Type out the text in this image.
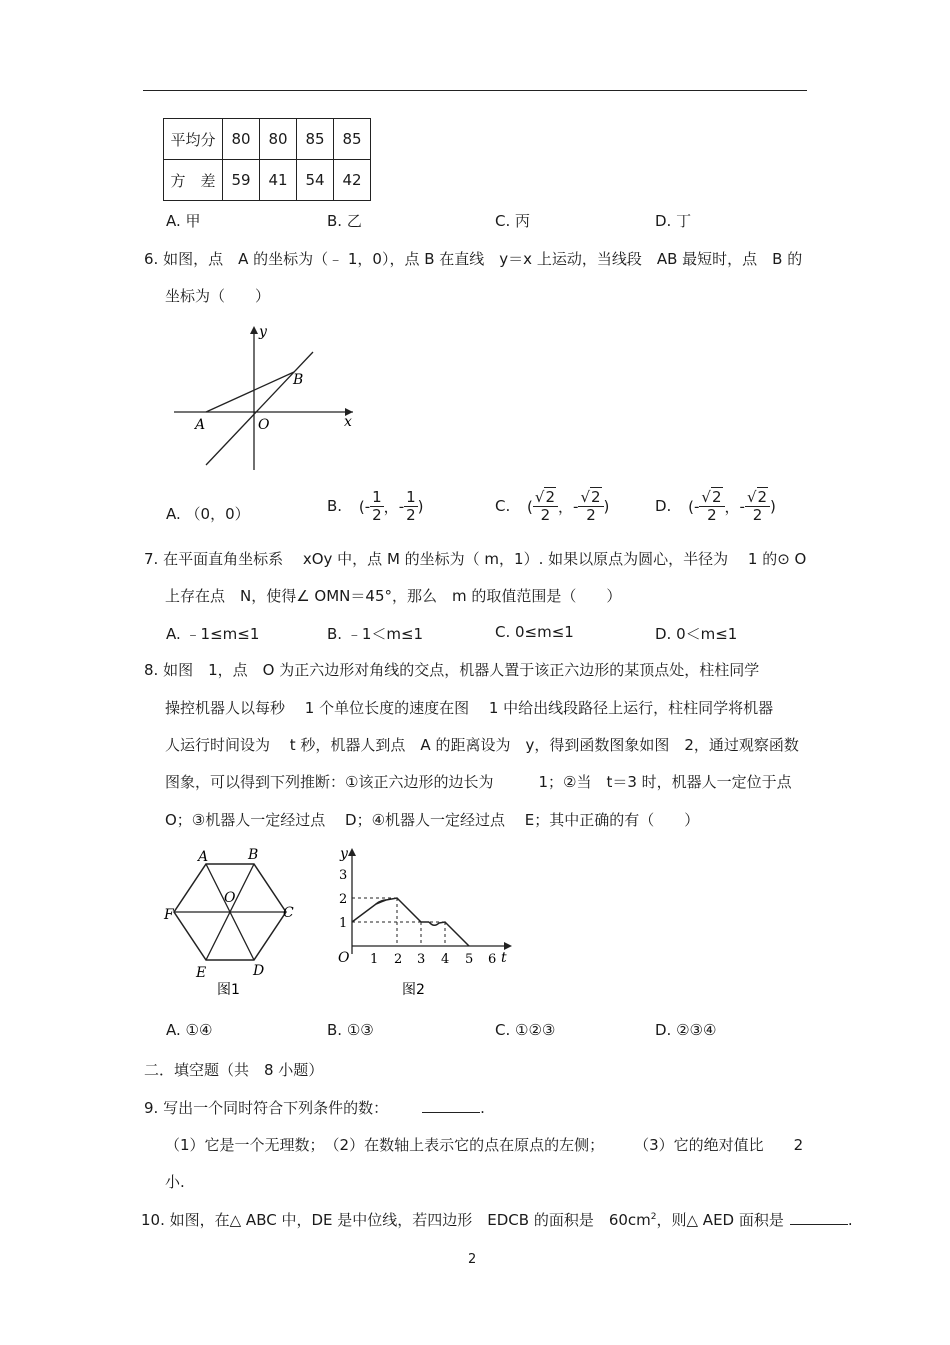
平均分	80	80	85	85
方　差	59	41	54	42
A. 甲	B. 乙	C. 丙	D. 丁
6. 如图，点　A 的坐标为（﹣ 1，0），点 B 在直线　y＝x 上运动，当线段　AB 最短时，点　B 的
坐标为（　　）
y
x
A
B
O
A. （0，0）	B. (- $\frac{1}{2}$ ，- $\frac{1}{2}$ )	C. ( $\frac{√2}{2}$ ，- $\frac{√2}{2}$ )	D. (- $\frac{√2}{2}$ ，- $\frac{√2}{2}$ )
7. 在平面直角坐标系　 xOy 中，点 M 的坐标为（ m，1）. 如果以原点为圆心，半径为　 1 的⊙ O
上存在点　N，使得∠ OMN＝45°，那么　m 的取值范围是（　　）
A. ﹣1≤m≤1	B. ﹣1＜m≤1	C. 0≤m≤1	D. 0＜m≤1
8. 如图　1，点　O 为正六边形对角线的交点，机器人置于该正六边形的某顶点处，柱柱同学
操控机器人以每秒　 1 个单位长度的速度在图　 1 中给出线段路径上运行，柱柱同学将机器
人运行时间设为　 t 秒，机器人到点　A 的距离设为　y，得到函数图象如图　2，通过观察函数
图象，可以得到下列推断：①该正六边形的边长为　　　1；②当　t＝3 时，机器人一定位于点
O；③机器人一定经过点　 D；④机器人一定经过点　 E；其中正确的有（　　）
A	B
C
D
E
F
O
图1
y
t
O 1 2 3 4 5 6
1
2
3
图2
A. ①④	B. ①③	C. ①②③	D. ②③④
二．填空题（共　8 小题）
9. 写出一个同时符合下列条件的数：	.
（1）它是一个无理数；　（2）在数轴上表示它的点在原点的左侧；　　　（3）它的绝对值比　　2
小.
10. 如图，在△ ABC 中，DE 是中位线，若四边形　EDCB 的面积是　$60cm^2$，则△ AED 面积是	.
2
